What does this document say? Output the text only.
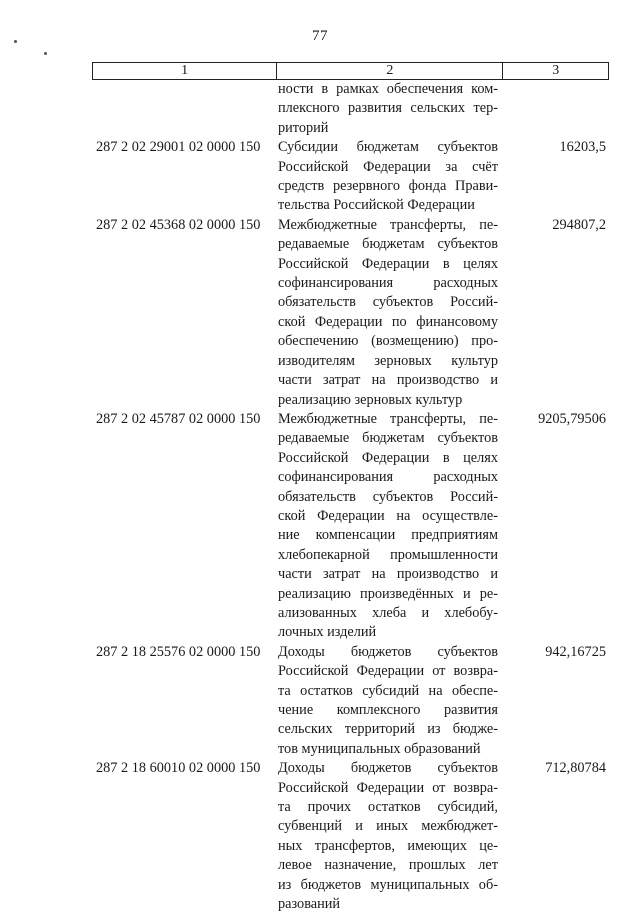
77
1	2	3
ности в рамках обеспечения ком-
плексного развития сельских тер-
риторий
287 2 02 29001 02 0000 150	Субсидии бюджетам субъектов
Российской Федерации за счёт
средств резервного фонда Прави-
тельства Российской Федерации
16203,5
287 2 02 45368 02 0000 150	Межбюджетные трансферты, пе-
редаваемые бюджетам субъектов
Российской Федерации в целях
софинансирования расходных
обязательств субъектов Россий-
ской Федерации по финансовому
обеспечению (возмещению) про-
изводителям зерновых культур
части затрат на производство и
реализацию зерновых культур
294807,2
287 2 02 45787 02 0000 150	Межбюджетные трансферты, пе-
редаваемые бюджетам субъектов
Российской Федерации в целях
софинансирования расходных
обязательств субъектов Россий-
ской Федерации на осуществле-
ние компенсации предприятиям
хлебопекарной промышленности
части затрат на производство и
реализацию произведённых и ре-
ализованных хлеба и хлебобу-
лочных изделий
9205,79506
287 2 18 25576 02 0000 150	Доходы бюджетов субъектов
Российской Федерации от возвра-
та остатков субсидий на обеспе-
чение комплексного развития
сельских территорий из бюдже-
тов муниципальных образований
942,16725
287 2 18 60010 02 0000 150	Доходы бюджетов субъектов
Российской Федерации от возвра-
та прочих остатков субсидий,
субвенций и иных межбюджет-
ных трансфертов, имеющих це-
левое назначение, прошлых лет
из бюджетов муниципальных об-
разований
712,80784
